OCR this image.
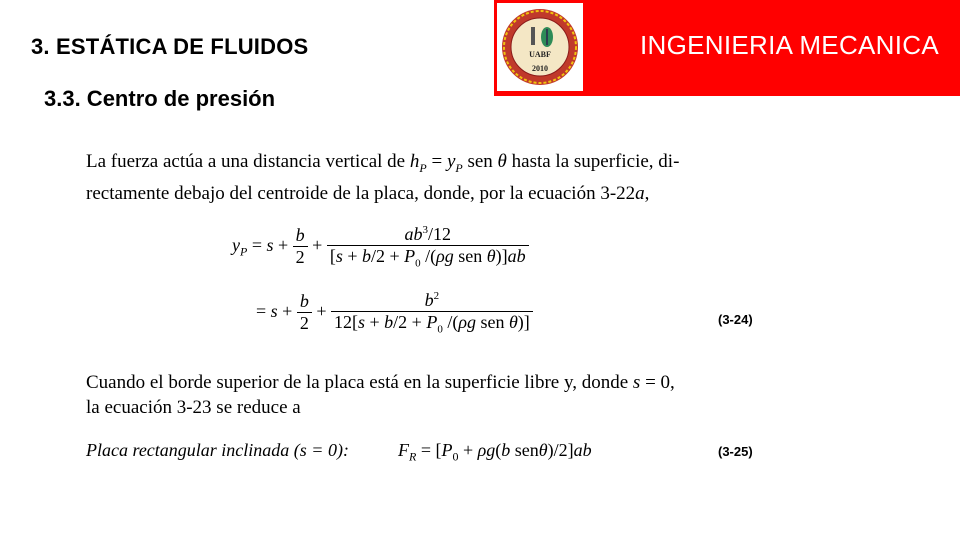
3. ESTÁTICA DE FLUIDOS
3.3. Centro de presión
UABF
2010
INGENIERIA MECANICA
La fuerza actúa a una distancia vertical de $h_P = y_P$ sen θ hasta la superficie, di-
rectamente debajo del centroide de la placa, donde, por la ecuación 3-22a,
$y_P = s + \frac{b}{2} + \frac{ab^3/12}{[s + b/2 + P_0 /(\rho g sen \theta)]ab}$
= $s + \frac{b}{2} + \frac{b^2}{12[s + b/2 + P_0 /(\rho g sen \theta)]}$	(3-24)
Cuando el borde superior de la placa está en la superficie libre y, donde s = 0,
la ecuación 3-23 se reduce a
Placa rectangular inclinada (s = 0):	$F_R = [P_0 + \rho g(b$ senθ)/2]ab	(3-25)
